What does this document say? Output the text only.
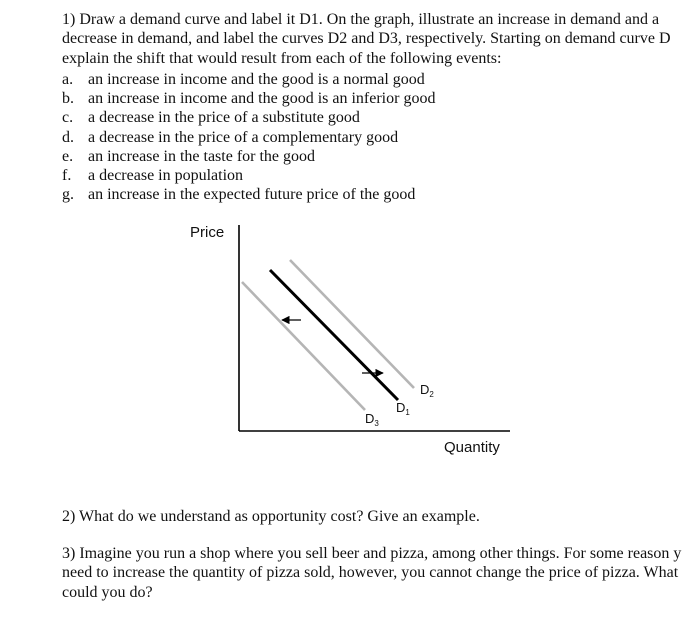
1) Draw a demand curve and label it D1. On the graph, illustrate an increase in demand and a

decrease in demand, and label the curves D2 and D3, respectively. Starting on demand curve D

explain the shift that would result from each of the following events:

a. an increase in income and the good is a normal good
b. an increase in income and the good is an inferior good
c. a decrease in the price of a substitute good
d. a decrease in the price of a complementary good
e. an increase in the taste for the good
f. a decrease in population
g. an increase in the expected future price of the good
Price
Quantity
$D_2$
$D_1$
$D_3$
2) What do we understand as opportunity cost? Give an example.

3) Imagine you run a shop where you sell beer and pizza, among other things. For some reason y

need to increase the quantity of pizza sold, however, you cannot change the price of pizza. What

could you do?
